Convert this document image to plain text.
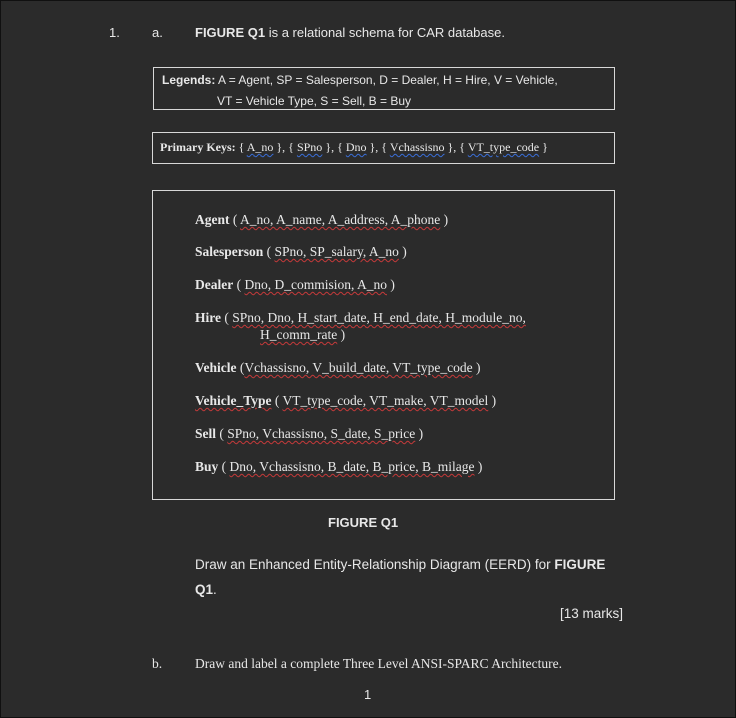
1. a. FIGURE Q1 is a relational schema for CAR database.
Legends: A = Agent, SP = Salesperson, D = Dealer, H = Hire, V = Vehicle,
VT = Vehicle Type, S = Sell, B = Buy
Primary Keys: { A_no }, { SPno }, { Dno }, { Vchassisno }, { VT_type_code }
Agent ( A_no, A_name, A_address, A_phone )
Salesperson ( SPno, SP_salary, A_no )
Dealer ( Dno, D_commision, A_no )
Hire ( SPno, Dno, H_start_date, H_end_date, H_module_no,
H_comm_rate )
Vehicle (Vchassisno, V_build_date, VT_type_code )
Vehicle_Type ( VT_type_code, VT_make, VT_model )
Sell ( SPno, Vchassisno, S_date, S_price )
Buy ( Dno, Vchassisno, B_date, B_price, B_milage )
FIGURE Q1
Draw an Enhanced Entity-Relationship Diagram (EERD) for FIGURE
Q1.
[13 marks]
b. Draw and label a complete Three Level ANSI-SPARC Architecture.
1
